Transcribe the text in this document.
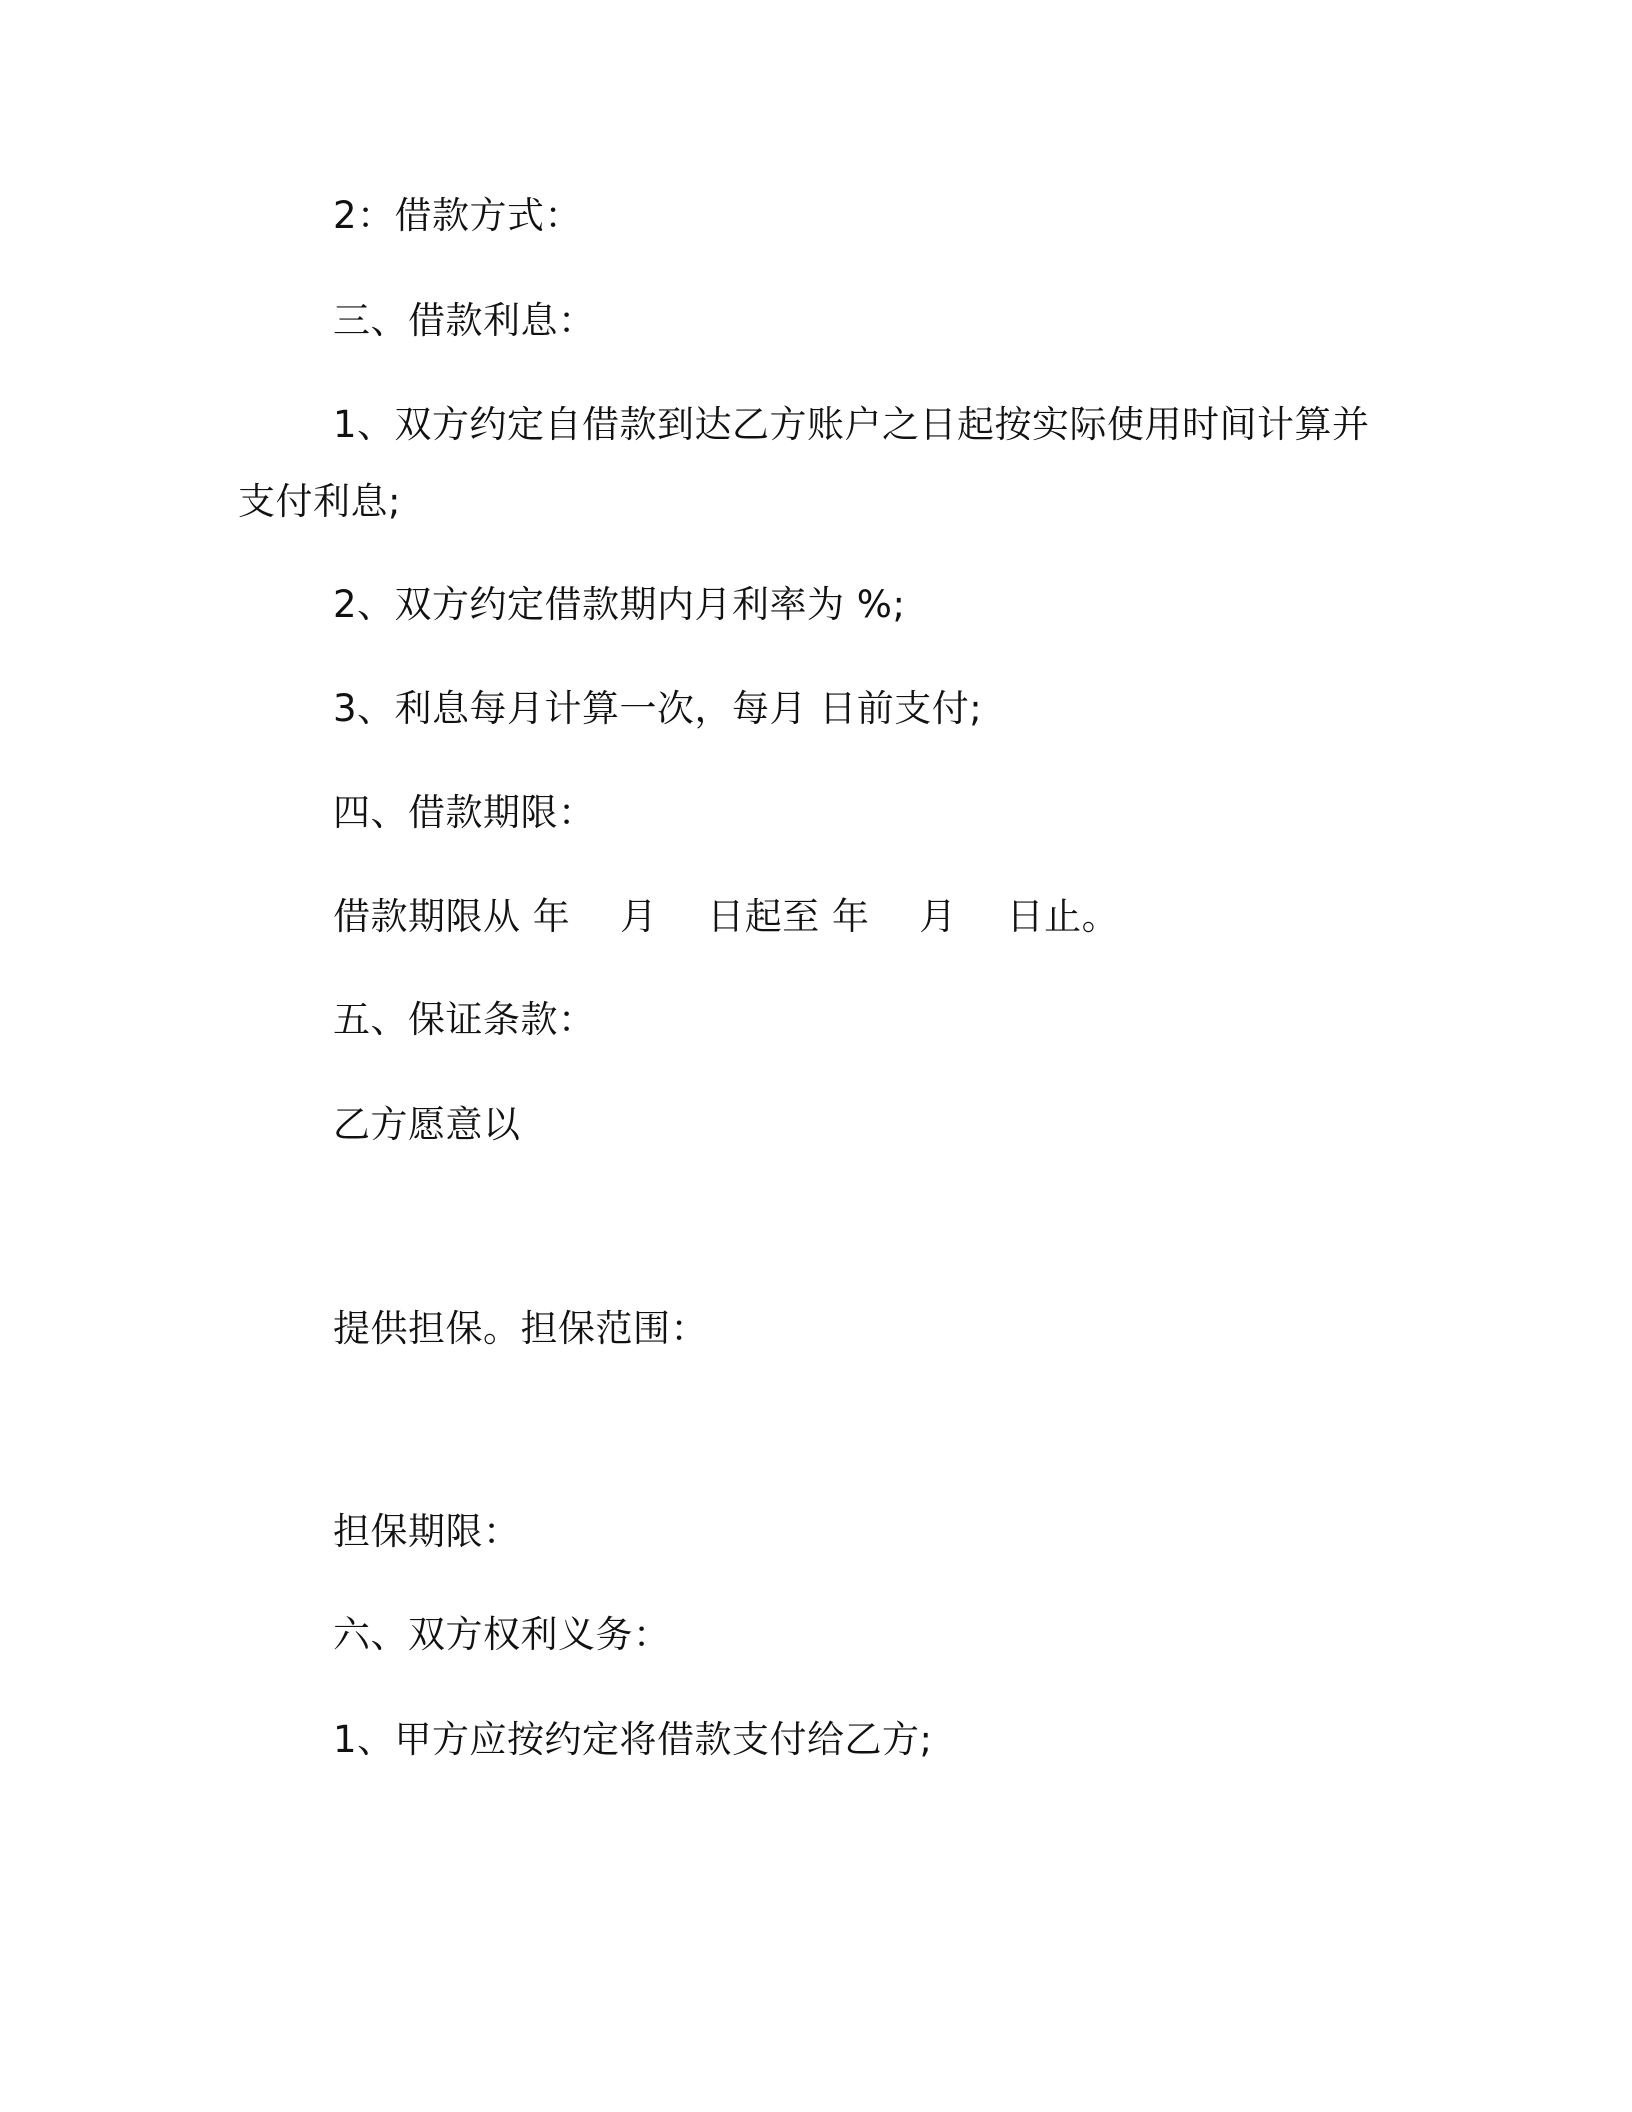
2：借款方式：
三、借款利息：
1、双方约定自借款到达乙方账户之日起按实际使用时间计算并
支付利息;
2、双方约定借款期内月利率为 %;
3、利息每月计算一次，每月 日前支付;
四、借款期限：
借款期限从 年　 月　 日起至 年　 月　 日止。
五、保证条款：
乙方愿意以
提供担保。担保范围：
担保期限：
六、双方权利义务：
1、甲方应按约定将借款支付给乙方;
